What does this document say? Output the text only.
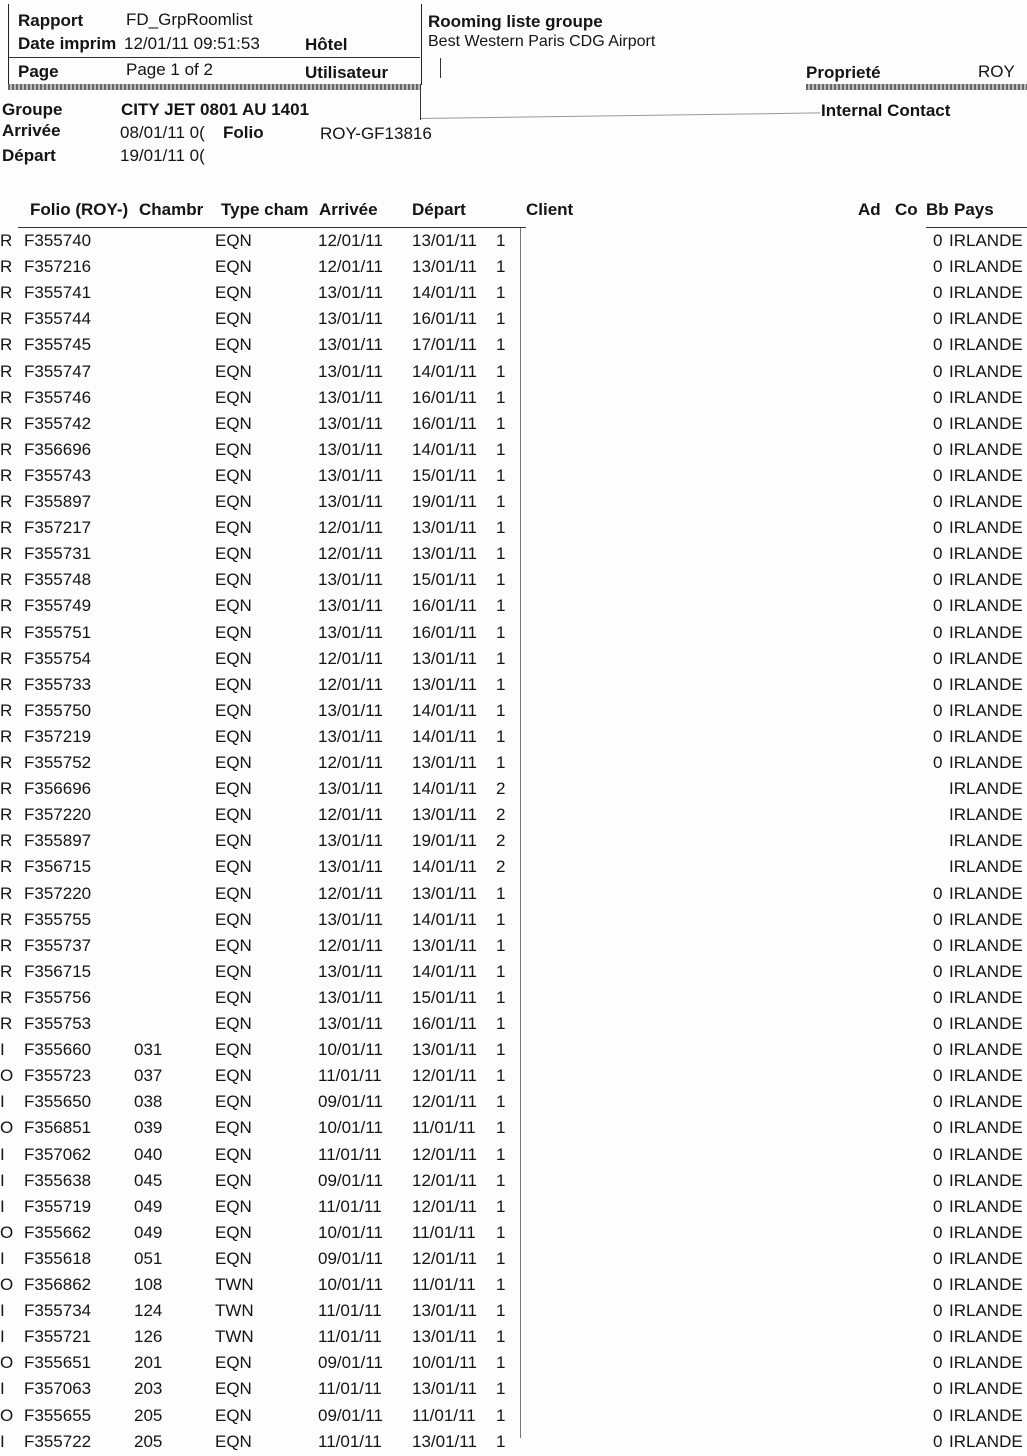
Rapport	FD_GrpRoomlist
Date imprim 12/01/11 09:51:53	Hôtel
Rooming liste groupe
Best Western Paris CDG Airport
Page	Page 1 of 2	Utilisateur	Proprieté	ROY
Internal Contact
Groupe	CITY JET 0801 AU 1401
Arrivée	08/01/11 0( Folio	ROY-GF13816
Départ	19/01/11 0(
Folio (ROY-) Chambr Type cham Arrivée Départ	Client	Ad Co Bb Pays
R F355740	EQN	12/01/11 13/01/11 1	0 IRLANDE
R F357216	EQN	12/01/11 13/01/11 1	0 IRLANDE
R F355741	EQN	13/01/11 14/01/11 1	0 IRLANDE
R F355744	EQN	13/01/11 16/01/11 1	0 IRLANDE
R F355745	EQN	13/01/11 17/01/11 1	0 IRLANDE
R F355747	EQN	13/01/11 14/01/11 1	0 IRLANDE
R F355746	EQN	13/01/11 16/01/11 1	0 IRLANDE
R F355742	EQN	13/01/11 16/01/11 1	0 IRLANDE
R F356696	EQN	13/01/11 14/01/11 1	0 IRLANDE
R F355743	EQN	13/01/11 15/01/11 1	0 IRLANDE
R F355897	EQN	13/01/11 19/01/11 1	0 IRLANDE
R F357217	EQN	12/01/11 13/01/11 1	0 IRLANDE
R F355731	EQN	12/01/11 13/01/11 1	0 IRLANDE
R F355748	EQN	13/01/11 15/01/11 1	0 IRLANDE
R F355749	EQN	13/01/11 16/01/11 1	0 IRLANDE
R F355751	EQN	13/01/11 16/01/11 1	0 IRLANDE
R F355754	EQN	12/01/11 13/01/11 1	0 IRLANDE
R F355733	EQN	12/01/11 13/01/11 1	0 IRLANDE
R F355750	EQN	13/01/11 14/01/11 1	0 IRLANDE
R F357219	EQN	13/01/11 14/01/11 1	0 IRLANDE
R F355752	EQN	12/01/11 13/01/11 1	0 IRLANDE
R F356696	EQN	13/01/11 14/01/11 2	IRLANDE
R F357220	EQN	12/01/11 13/01/11 2	IRLANDE
R F355897	EQN	13/01/11 19/01/11 2	IRLANDE
R F356715	EQN	13/01/11 14/01/11 2	IRLANDE
R F357220	EQN	12/01/11 13/01/11 1	0 IRLANDE
R F355755	EQN	13/01/11 14/01/11 1	0 IRLANDE
R F355737	EQN	12/01/11 13/01/11 1	0 IRLANDE
R F356715	EQN	13/01/11 14/01/11 1	0 IRLANDE
R F355756	EQN	13/01/11 15/01/11 1	0 IRLANDE
R F355753	EQN	13/01/11 16/01/11 1	0 IRLANDE
I F355660	031	EQN	10/01/11 13/01/11 1	0 IRLANDE
O F355723	037	EQN	11/01/11 12/01/11 1	0 IRLANDE
I F355650	038	EQN	09/01/11 12/01/11 1	0 IRLANDE
O F356851	039	EQN	10/01/11 11/01/11 1	0 IRLANDE
I F357062	040	EQN	11/01/11 12/01/11 1	0 IRLANDE
I F355638	045	EQN	09/01/11 12/01/11 1	0 IRLANDE
I F355719	049	EQN	11/01/11 12/01/11 1	0 IRLANDE
O F355662	049	EQN	10/01/11 11/01/11 1	0 IRLANDE
I F355618	051	EQN	09/01/11 12/01/11 1	0 IRLANDE
O F356862	108	TWN	10/01/11 11/01/11 1	0 IRLANDE
I F355734	124	TWN	11/01/11 13/01/11 1	0 IRLANDE
I F355721	126	TWN	11/01/11 13/01/11 1	0 IRLANDE
O F355651	201	EQN	09/01/11 10/01/11 1	0 IRLANDE
I F357063	203	EQN	11/01/11 13/01/11 1	0 IRLANDE
O F355655	205	EQN	09/01/11 11/01/11 1	0 IRLANDE
I F355722	205	EQN	11/01/11 13/01/11 1	0 IRLANDE
